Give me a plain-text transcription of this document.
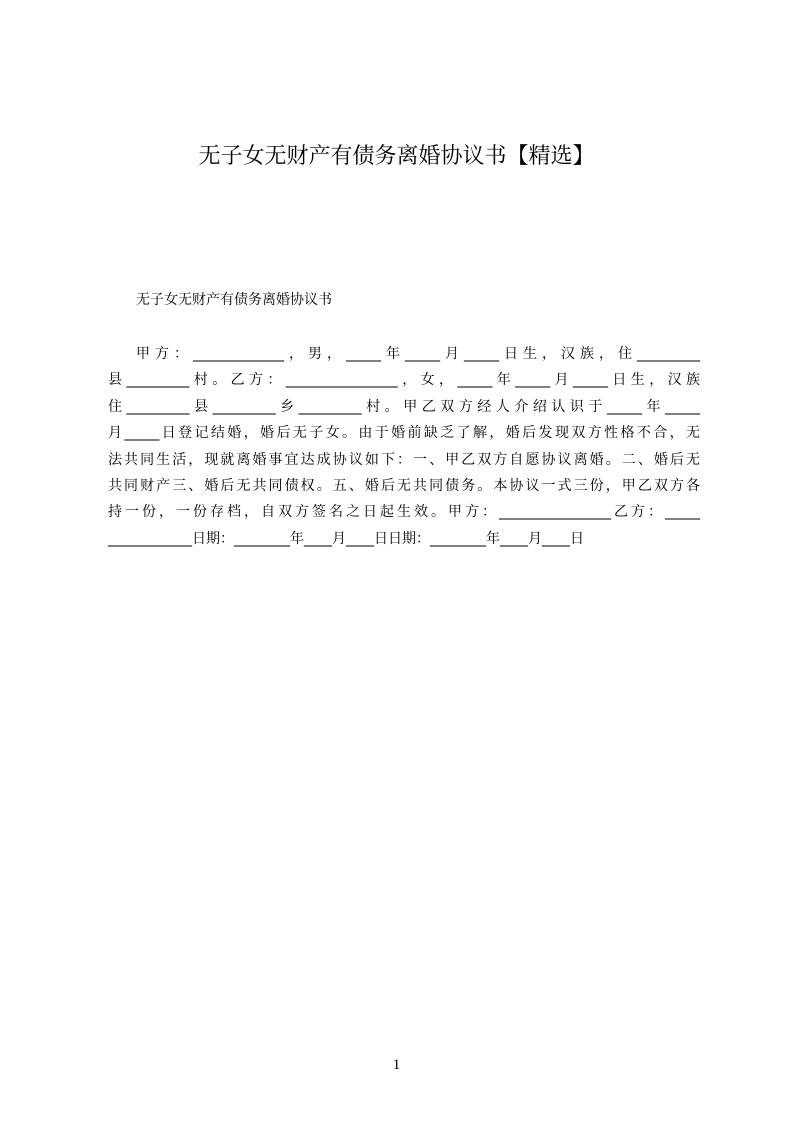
无子女无财产有债务离婚协议书【精选】
无子女无财产有债务离婚协议书
甲方：_____________，男，_____年_____月_____日生，汉族，住_________
县_________村。乙方：________________，女，_____年_____月_____日生，汉族
住_________县_________乡_________村。甲乙双方经人介绍认识于_____年_____
月_____日登记结婚，婚后无子女。由于婚前缺乏了解，婚后发现双方性格不合，无
法共同生活，现就离婚事宜达成协议如下：一、甲乙双方自愿协议离婚。二、婚后无
共同财产三、婚后无共同债权。五、婚后无共同债务。本协议一式三份，甲乙双方各
持一份，一份存档，自双方签名之日起生效。甲方：________________乙方：_____
____________日期：________年____月____日日期：________年____月____日
1
